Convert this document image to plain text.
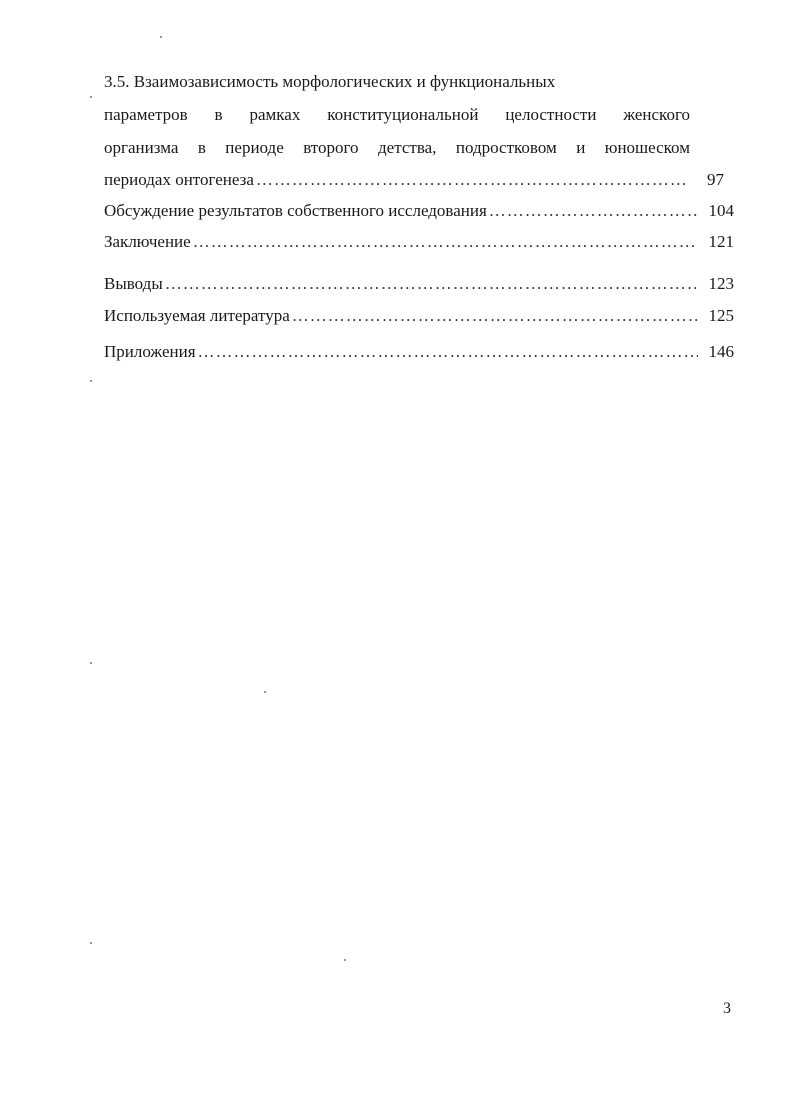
3.5. Взаимозависимость морфологических и функциональных
параметров в рамках конституциональной целостности женского
организма в периоде второго детства, подростковом и юношеском
периодах онтогенеза …………………………………………………………………………………………………………………………………………………	97
Обсуждение результатов собственного исследования …………………………………………………………………………………………………………………………………………………	104
Заключение …………………………………………………………………………………………………………………………………………………	121
Выводы …………………………………………………………………………………………………………………………………………………	123
Используемая литература …………………………………………………………………………………………………………………………………………………	125
Приложения …………………………………………………………………………………………………………………………………………………	146
3
